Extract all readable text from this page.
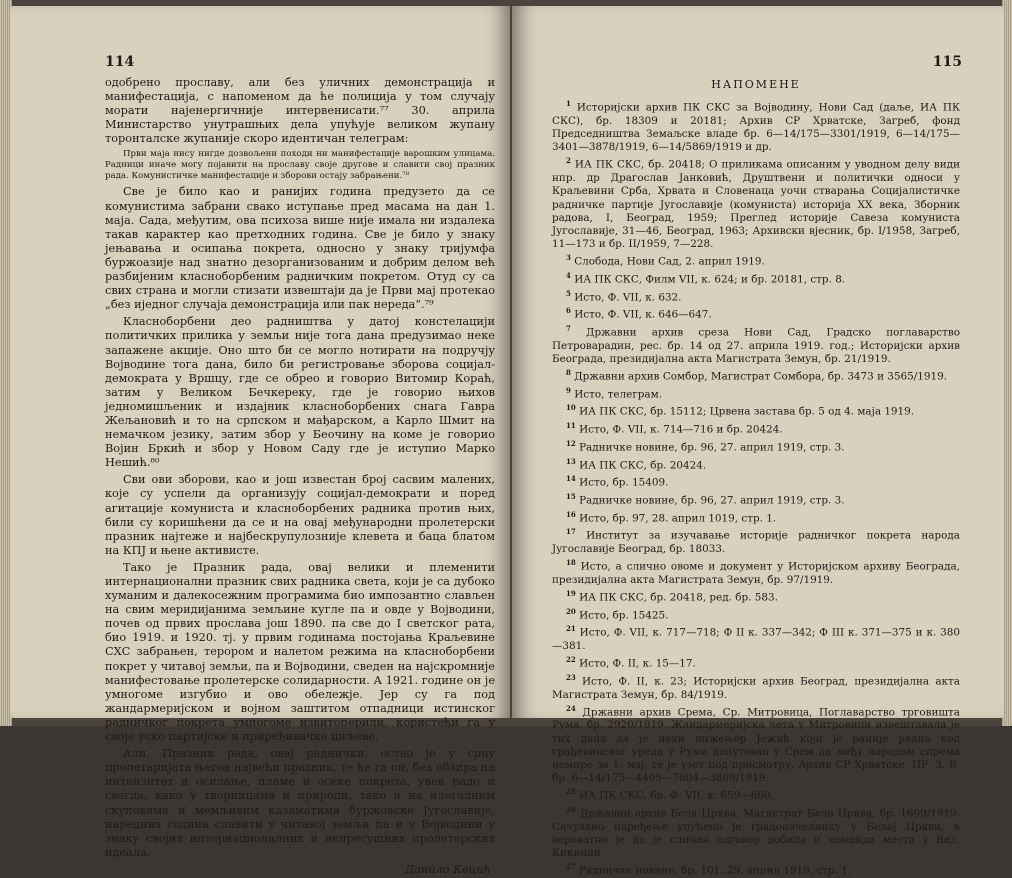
114

одобрено прославу, али без уличних демонстрација и манифестација, с напоменом да ће полиција у том случају морати најенергичније интервенисати.⁷⁷ 30. априла Министарство унутрашњих дела упућује великом жупану торонталске жупаније скоро идентичан телеграм:

Први маја нису нигде дозвољени походи ни манифестације варошким улицама. Радници иначе могу појавити на прославу своје другове и славити свој празник рада. Комунистичке манифестације и зборови остају забрањени.⁷⁸

Свe је било као и ранијих година предузето да се комунистима забрани свако иступање пред масама на дан 1. маја. Сада, међутим, ова психоза више није имала ни издалека такав карактер као претходних година. Све је било у знаку јењавања и осипања покрета, односно у знаку тријумфа буржоазије над знатно дезорганизованим и добрим делом већ разбијеним класнобoрбеним радничким покретом. Отуд су са свих страна и могли стизати извештаји да је Први мај протекао „без иједног случаја демонстрација или пак нереда“.⁷⁹

Класнобoрбени део радништва у датој констелацији политичких прилика у земљи није тога дана предузимао неке запажене акције. Оно што би се могло нотирати на подручју Војводине тога дана, било би регистровање зборова социјал-демократа у Вршцу, где се обрео и говорио Витомир Кораћ, затим у Великом Бечкереку, где је говорио њихов једномишљеник и издајник класнобoрбених снага Гавра Жељановић и то на српском и мађарском, а Карло Шмит на немачком језику, затим збор у Беочину на коме је говорио Војин Бркић и збор у Новом Саду где је иступио Марко Нешић.⁸⁰

Сви ови зборови, као и још известан број сасвим малених, које су успели да организују социјал-демократи и поред агитације комуниста и класнобoрбених радника против њих, били су коришћени да се и на овај међународни пролетерски празник најтеже и најбескрупулозније клевета и баца блатом на КПЈ и њене активисте.

Тако је Празник рада, овај велики и племенити интернационални празник свих радника света, који је са дубоко хуманим и далекосежним програмима био импозантно слављен на свим меридијанима земљине кугле па и овде у Војводини, почев од првих прослава још 1890. па све до I светског рата, био 1919. и 1920. тј. у првим годинама постојања Краљевине СХС забрањен, терором и налетом режима на класнобoрбени покрет у читавој земљи, па и Војводини, сведен на најскромније манифестовање пролетерске солидарности. А 1921. године он је умногоме изгубио и ово обележје. Јер су га под жандармеријском и војном заштитом отпадници истинског радничког покрета умногоме извитоперили, користећи га у своје уско партијске и приређивачке циљеве.

Али, Празник рада, овај раднички, остао је у срцу пролетаријата његов највећи празник, те ће га он, без обзира на интензитет и осилање, пламе и осеке покрета, увек радо и свагда, како у творницама и природи, тако и на илегалним скуповима и мемљивим казаматима буржоаске Југославије, наредних година славити у читавој земљи па и у Војводини у знаку својих интернационалних и непресушних пролетерских идеала.

Данило Кецић
115
НАПОМЕНЕ

$^1$ Историјски архив ПК СКС за Војводину, Нови Сад (даље, ИА ПК СКС), бр. 18309 и 20181; Архив СР Хрватске, Загреб, фонд Председништва Земаљске владе бр. 6—14/175—3301/1919, 6—14/175—3401—3878/1919, 6—14/5869/1919 и др.

$^2$ ИА ПК СКС, бр. 20418; О приликама описаним у уводном делу види нпр. др Драгослав Јанковић, Друштвени и политички односи у Краљевини Срба, Хрвата и Словенаца уочи стварања Социјалистичке радничке партије Југославије (комуниста) историја XX века, Зборник радова, I, Београд, 1959; Преглед историје Савеза комуниста Југославије, 31—46, Београд, 1963; Архивски вјесник, бр. I/1958, Загреб, 11—173 и бр. II/1959, 7—228.

$^3$ Слобода, Нови Сад, 2. април 1919.

$^4$ ИА ПК СКС, Филм VII, к. 624; и бр. 20181, стр. 8.

$^5$ Исто, Ф. VII, к. 632.

$^6$ Исто, Ф. VII, к. 646—647.

$^7$ Државни архив среза Нови Сад, Градско поглаварство Петроварадин, рес. бр. 14 од 27. априла 1919. год.; Историјски архив Београда, президијална акта Магистрата Земун, бр. 21/1919.

$^8$ Државни архив Сомбор, Магистрат Сомбора, бр. 3473 и 3565/1919.

$^9$ Исто, телеграм.

$^{10}$ ИА ПК СКС, бр. 15112; Црвена застава бр. 5 од 4. маја 1919.

$^{11}$ Исто, Ф. VII, к. 714—716 и бр. 20424.

$^{12}$ Радничке новине, бр. 96, 27. април 1919, стр. 3.

$^{13}$ ИА ПК СКС, бр. 20424.

$^{14}$ Исто, бр. 15409.

$^{15}$ Радничке новине, бр. 96, 27. април 1919, стр. 3.

$^{16}$ Исто, бр. 97, 28. април 1019, стр. 1.

$^{17}$ Институт за изучавање историје радничког покрета народа Југославије Београд, бр. 18033.

$^{18}$ Исто, а слично овоме и документ у Историјском архиву Београда, президијална акта Магистрата Земун, бр. 97/1919.

$^{19}$ ИА ПК СКС, бр. 20418, ред. бр. 583.

$^{20}$ Исто, бр. 15425.

$^{21}$ Исто, Ф. VII, к. 717—718; Ф II к. 337—342; Ф III к. 371—375 и к. 380—381.

$^{22}$ Исто, Ф. II, к. 15—17.

$^{23}$ Исто, Ф. II, к. 23; Историјски архив Београд, президијална акта Магистрата Земун, бр. 84/1919.

$^{24}$ Државни архив Срема, Ср. Митровица, Поглаварство трговишта Рума, бр. 2920/1919. Жандармеријска чета у Митровици извештавала је тих дана да је неки инжењер Јежић који је раније радио код грађевинског уреда у Руми допутовао у Срем да међу народом спрема немире за 1. мај, те је узет под присмотру. Архив СР Хрватске, ПР. З. В, бр. 6—14/175—4409—7604—3809/1919.

$^{25}$ ИА ПК СКС, бр. Ф. VII, к. 659—660.

$^{26}$ Државни архив Бела Црква, Магистрат Бела Црква, бр. 1609/1919. Сачувано наређење упућено је градоначелнику у Белој Цркви, а вероватно је да је сличан одговор добила и команда места у Вел. Кикинди.

$^{27}$ Радничке новине, бр. 101, 29. април 1919, стр. 1.
